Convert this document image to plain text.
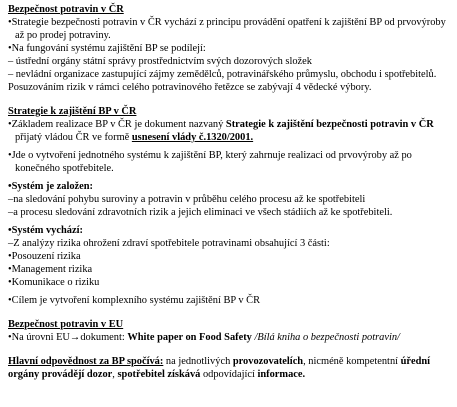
Bezpečnost potravin v ČR
•Strategie bezpečnosti potravin v ČR vychází z principu provádění opatření k zajištění BP od prvovýroby až po prodej potraviny.
•Na fungování systému zajištění BP se podílejí:
– ústřední orgány státní správy prostřednictvím svých dozorových složek
– nevládní organizace zastupující zájmy zemědělců, potravinářského průmyslu, obchodu i spotřebitelů.
Posuzováním rizik v rámci celého potravinového řetězce se zabývají 4 vědecké výbory.
Strategie k zajištění BP v ČR
•Základem realizace BP v ČR je dokument nazvaný Strategie k zajištění bezpečnosti potravin v ČR přijatý vládou ČR ve formě usnesení vlády č.1320/2001.
•Jde o vytvoření jednotného systému k zajištění BP, který zahrnuje realizaci od prvovýroby až po konečného spotřebitele.
•Systém je založen:
–na sledování pohybu suroviny a potravin v průběhu celého procesu až ke spotřebiteli
–a procesu sledování zdravotních rizik a jejich eliminaci ve všech stádiích až ke spotřebiteli.
•Systém vychází:
–Z analýzy rizika ohrožení zdraví spotřebitele potravinami obsahující 3 části:
•Posouzení rizika
•Management rizika
•Komunikace o riziku
•Cílem je vytvoření komplexního systému zajištění BP v ČR
Bezpečnost potravin v EU
•Na úrovni EU→dokument: White paper on Food Safety /Bílá kniha o bezpečnosti potravin/
Hlavní odpovědnost za BP spočívá: na jednotlivých provozovatelích, nicméně kompetentní úřední orgány provádějí dozor, spotřebitel získává odpovídající informace.
